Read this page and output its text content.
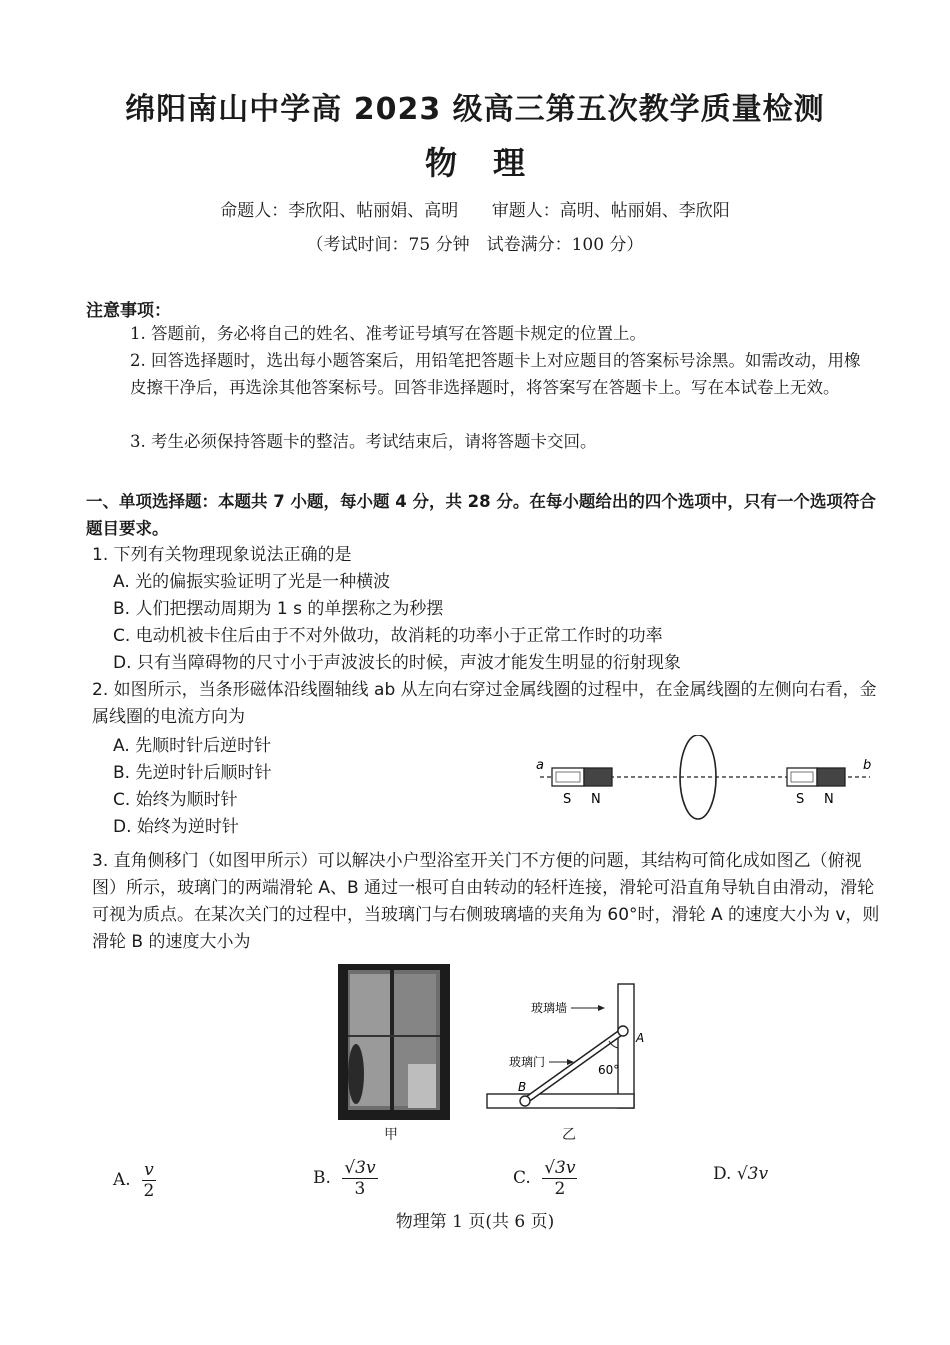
绵阳南山中学高 2023 级高三第五次教学质量检测
物理
命题人：李欣阳、帖丽娟、高明 审题人：高明、帖丽娟、李欣阳
（考试时间：75 分钟　试卷满分：100 分）
注意事项：
1. 答题前，务必将自己的姓名、准考证号填写在答题卡规定的位置上。
2. 回答选择题时，选出每小题答案后，用铅笔把答题卡上对应题目的答案标号涂黑。如需改动，用橡皮擦干净后，再选涂其他答案标号。回答非选择题时，将答案写在答题卡上。写在本试卷上无效。
3. 考生必须保持答题卡的整洁。考试结束后，请将答题卡交回。
一、单项选择题：本题共 7 小题，每小题 4 分，共 28 分。在每小题给出的四个选项中，只有一个选项符合题目要求。
1. 下列有关物理现象说法正确的是
A. 光的偏振实验证明了光是一种横波
B. 人们把摆动周期为 1 s 的单摆称之为秒摆
C. 电动机被卡住后由于不对外做功，故消耗的功率小于正常工作时的功率
D. 只有当障碍物的尺寸小于声波波长的时候，声波才能发生明显的衍射现象
2. 如图所示，当条形磁体沿线圈轴线 ab 从左向右穿过金属线圈的过程中，在金属线圈的左侧向右看，金属线圈的电流方向为
A. 先顺时针后逆时针
B. 先逆时针后顺时针
C. 始终为顺时针
D. 始终为逆时针
a	b
S N	S N
3. 直角侧移门（如图甲所示）可以解决小户型浴室开关门不方便的问题，其结构可简化成如图乙（俯视图）所示，玻璃门的两端滑轮 A、B 通过一根可自由转动的轻杆连接，滑轮可沿直角导轨自由滑动，滑轮可视为质点。在某次关门的过程中，当玻璃门与右侧玻璃墙的夹角为 60°时，滑轮 A 的速度大小为 v，则滑轮 B 的速度大小为
甲
玻璃墙
玻璃门
A
B
60°
乙
A. $\frac{v}{2}$	B. $\frac{√3v}{3}$	C. $\frac{√3v}{2}$	D. √3v
物理第 1 页(共 6 页)
